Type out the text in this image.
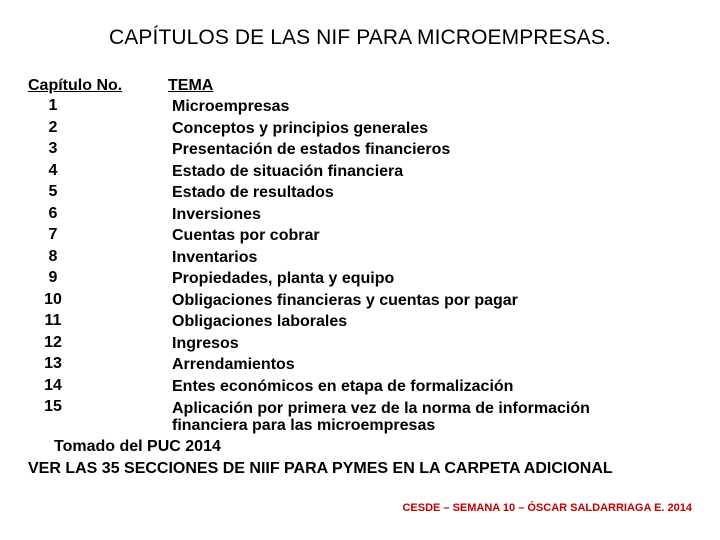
CAPÍTULOS DE LAS NIF PARA MICROEMPRESAS.
Capítulo No.	TEMA
1	Microempresas
2	Conceptos y principios generales
3	Presentación de estados financieros
4	Estado de situación financiera
5	Estado de resultados
6	Inversiones
7	Cuentas por cobrar
8	Inventarios
9	Propiedades, planta y equipo
10	Obligaciones financieras y cuentas por pagar
11	Obligaciones laborales
12	Ingresos
13	Arrendamientos
14	Entes económicos en etapa de formalización
15	Aplicación por primera vez de la norma de información financiera para las microempresas
Tomado del PUC 2014
VER LAS 35 SECCIONES DE NIIF PARA PYMES EN LA CARPETA ADICIONAL
CESDE – SEMANA 10 – ÓSCAR SALDARRIAGA E. 2014
